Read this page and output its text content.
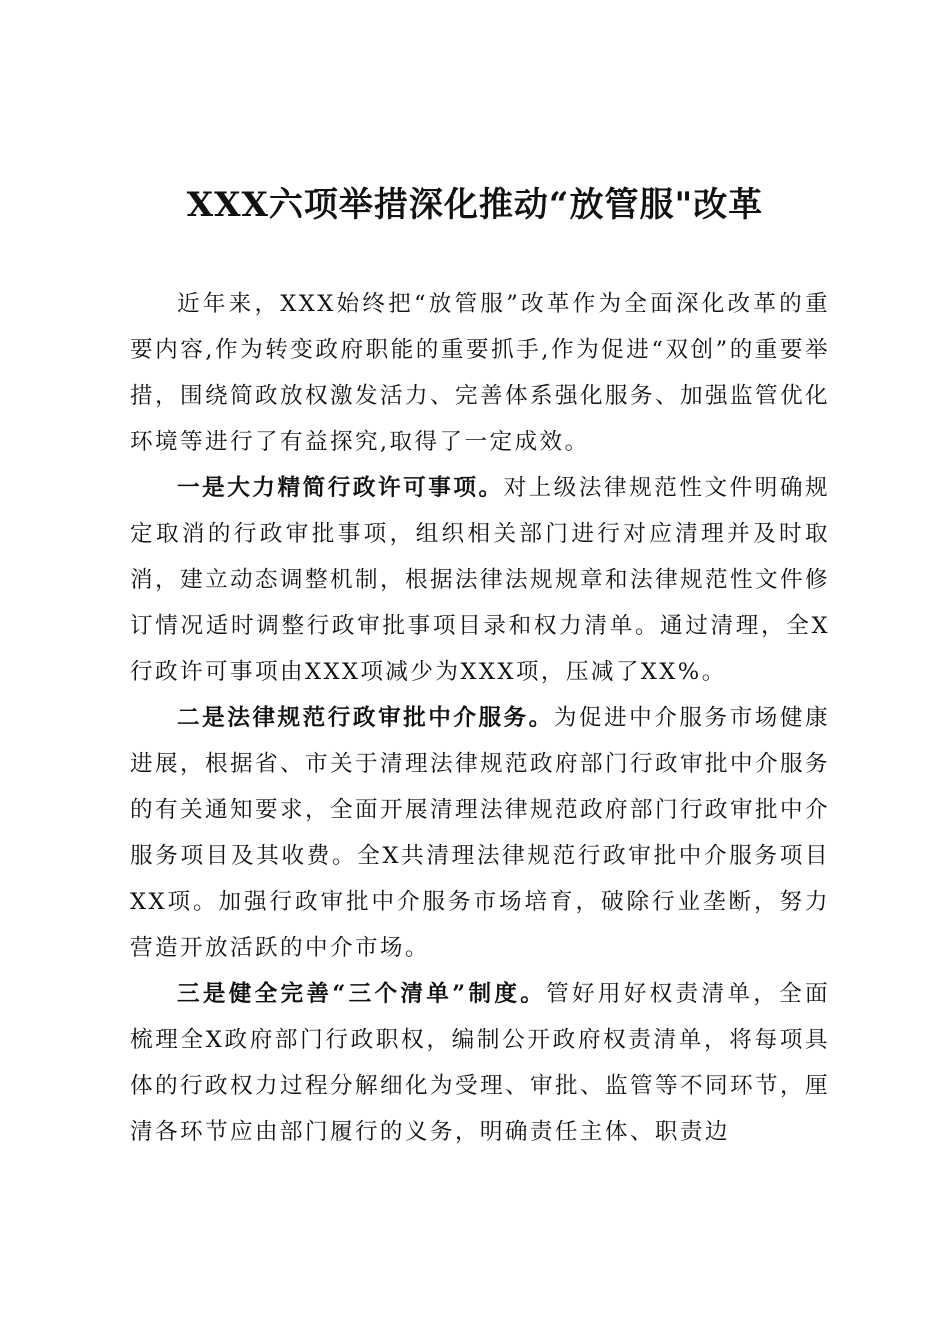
XXX六项举措深化推动“放管服"改革

近年来，XXX始终把“放管服”改革作为全面深化改革的重要内容,作为转变政府职能的重要抓手,作为促进“双创”的重要举措，围绕简政放权激发活力、完善体系强化服务、加强监管优化环境等进行了有益探究,取得了一定成效。

一是大力精简行政许可事项。对上级法律规范性文件明确规定取消的行政审批事项，组织相关部门进行对应清理并及时取消，建立动态调整机制，根据法律法规规章和法律规范性文件修订情况适时调整行政审批事项目录和权力清单。通过清理，全X行政许可事项由XXX项减少为XXX项，压减了XX%。

二是法律规范行政审批中介服务。为促进中介服务市场健康进展，根据省、市关于清理法律规范政府部门行政审批中介服务的有关通知要求，全面开展清理法律规范政府部门行政审批中介服务项目及其收费。全X共清理法律规范行政审批中介服务项目XX项。加强行政审批中介服务市场培育，破除行业垄断，努力营造开放活跃的中介市场。

三是健全完善“三个清单”制度。管好用好权责清单，全面梳理全X政府部门行政职权，编制公开政府权责清单，将每项具体的行政权力过程分解细化为受理、审批、监管等不同环节，厘清各环节应由部门履行的义务，明确责任主体、职责边
